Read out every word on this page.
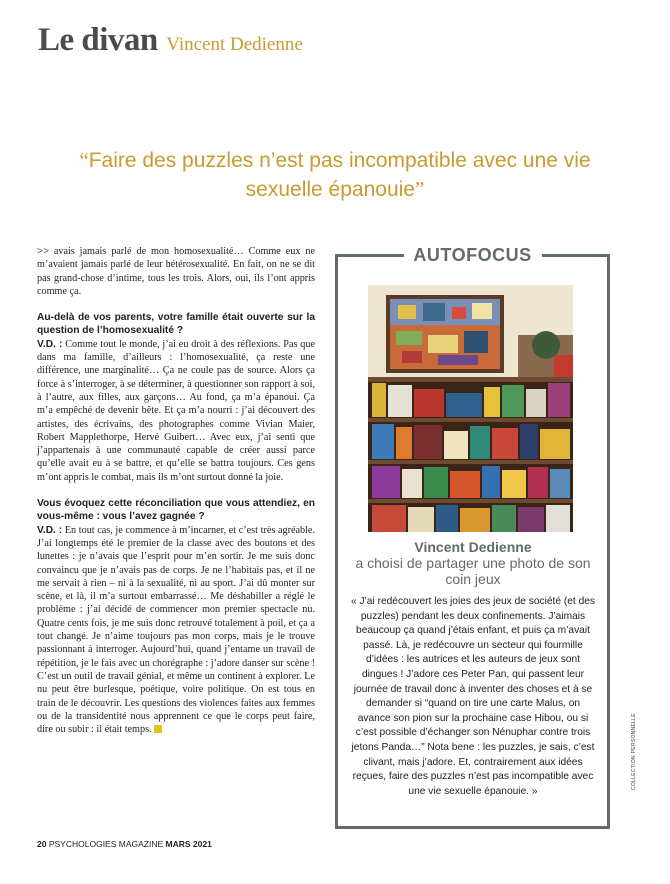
Le divan Vincent Dedienne
“Faire des puzzles n’est pas incompatible avec une vie sexuelle épanouie”

>> avais jamais parlé de mon homosexualité… Comme eux ne m’avaient jamais parlé de leur hétérosexualité. En fait, on ne se dit pas grand-chose d’intime, tous les trois. Alors, oui, ils l’ont appris comme ça.

Au-delà de vos parents, votre famille était ouverte sur la question de l’homosexualité ?

V.D. : Comme tout le monde, j’ai eu droit à des réflexions. Pas que dans ma famille, d’ailleurs : l’homosexualité, ça reste une différence, une marginalité… Ça ne coule pas de source. Alors ça force à s’interroger, à se déterminer, à questionner son rapport à soi, à l’autre, aux filles, aux garçons… Au fond, ça m’a épanoui. Ça m’a empêché de devenir bête. Et ça m’a nourri : j’ai découvert des artistes, des écrivains, des photographes comme Vivian Maier, Robert Mapplethorpe, Hervé Guibert… Avec eux, j’ai senti que j’appartenais à une communauté capable de créer aussi parce qu’elle avait eu à se battre, et qu’elle se battra toujours. Ces gens m’ont appris le combat, mais ils m’ont surtout donné la joie.

Vous évoquez cette réconciliation que vous attendiez, en vous-même : vous l’avez gagnée ?

V.D. : En tout cas, je commence à m’incarner, et c’est très agréable. J’ai longtemps été le premier de la classe avec des boutons et des lunettes : je n’avais que l’esprit pour m’en sortir. Je me suis donc convaincu que je n’avais pas de corps. Je ne l’habitais pas, et il ne me servait à rien – ni à la sexualité, ni au sport. J’ai dû monter sur scène, et là, il m’a surtout embarrassé… Me déshabiller a réglé le problème : j’ai décidé de commencer mon premier spectacle nu. Quatre cents fois, je me suis donc retrouvé totalement à poil, et ça a tout changé. Je n’aime toujours pas mon corps, mais je le trouve passionnant à interroger. Aujourd’hui, quand j’entame un travail de répétition, je le fais avec un chorégraphe : j’adore danser sur scène ! C’est un outil de travail génial, et même un continent à explorer. Le nu peut être burlesque, poétique, voire politique. On est tous en train de le découvrir. Les questions des violences faites aux femmes ou de la transidentité nous apprennent ce que le corps peut faire, dire ou subir : il était temps.

AUTOFOCUS
Vincent Dedienne
a choisi de partager une photo de son coin jeux
« J’ai redécouvert les joies des jeux de société (et des puzzles) pendant les deux confinements. J’aimais beaucoup ça quand j’étais enfant, et puis ça m’avait passé. Là, je redécouvre un secteur qui fourmille d’idées : les autrices et les auteurs de jeux sont dingues ! J’adore ces Peter Pan, qui passent leur journée de travail donc à inventer des choses et à se demander si “quand on tire une carte Malus, on avance son pion sur la prochaine case Hibou, ou si c’est possible d’échanger son Nénuphar contre trois jetons Panda…” Nota bene : les puzzles, je sais, c’est clivant, mais j’adore. Et, contrairement aux idées reçues, faire des puzzles n’est pas incompatible avec une vie sexuelle épanouie. »
COLLECTION PERSONNELLE
20 PSYCHOLOGIES MAGAZINE MARS 2021
